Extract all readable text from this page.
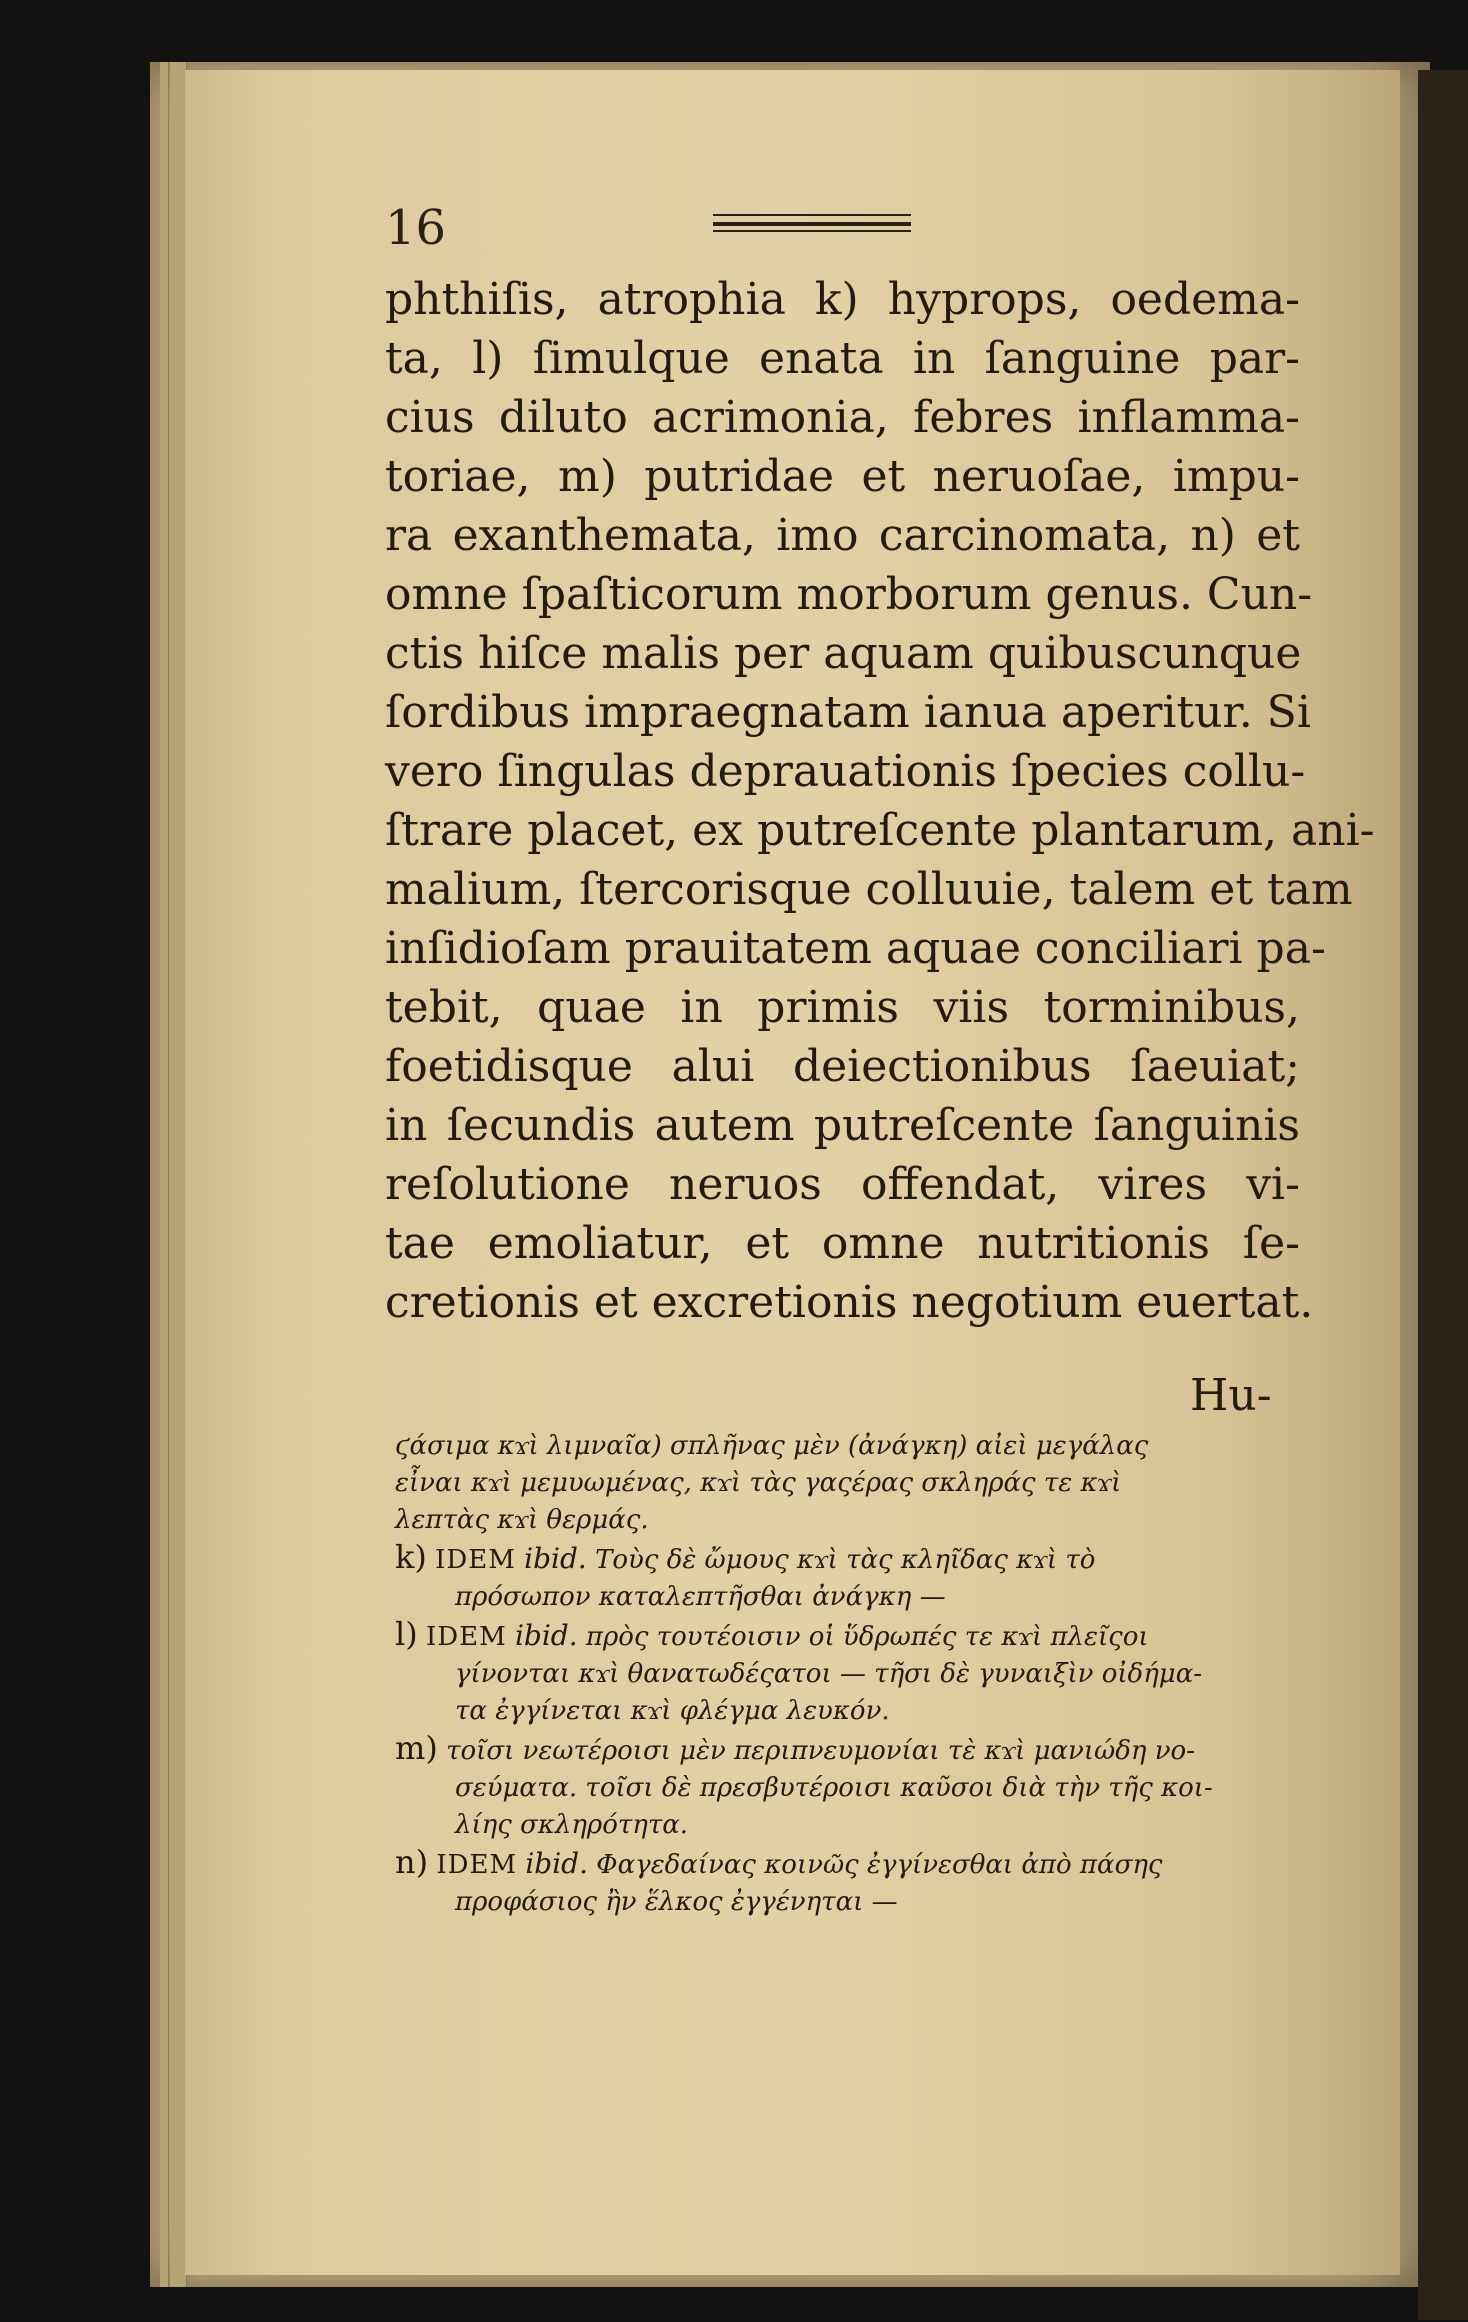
16
phthiſis, atrophia k) hyprops, oedema-
ta, l) ſimulque enata in ſanguine par-
cius diluto acrimonia, febres inflamma-
toriae, m) putridae et neruoſae, impu-
ra exanthemata, imo carcinomata, n) et
omne ſpaſticorum morborum genus. Cun-
ctis hiſce malis per aquam quibuscunque
ſordibus impraegnatam ianua aperitur. Si
vero ſingulas deprauationis ſpecies collu-
ſtrare placet, ex putreſcente plantarum, ani-
malium, ſtercorisque colluuie, talem et tam
inſidioſam prauitatem aquae conciliari pa-
tebit, quae in primis viis torminibus,
foetidisque alui deiectionibus ſaeuiat;
in ſecundis autem putreſcente ſanguinis
reſolutione neruos offendat, vires vi-
tae emoliatur, et omne nutritionis ſe-
cretionis et excretionis negotium euertat.
Hu-
ϛάσιμα κϫὶ λιμναῖα) σπλῆνας μὲν (ἀνάγκη) αἰεὶ μεγάλας
εἶναι κϫὶ μεμυωμένας, κϫὶ τὰς γαςέρας σκληράς τε κϫὶ
λεπτὰς κϫὶ θερμάς.
k) IDEM ibid. Τοὺς δὲ ὤμους κϫὶ τὰς κληῖδας κϫὶ τὸ
πρόσωπον καταλεπτῆσθαι ἀνάγκη —
l) IDEM ibid. πρὸς τουτέοισιν οἱ ὕδρωπές τε κϫὶ πλεῖςοι
γίνονται κϫὶ θανατωδέςατοι — τῆσι δὲ γυναιξὶν οἰδήμα-
τα ἐγγίνεται κϫὶ φλέγμα λευκόν.
m) τοῖσι νεωτέροισι μὲν περιπνευμονίαι τὲ κϫὶ μανιώδη νο-
σεύματα. τοῖσι δὲ πρεσβυτέροισι καῦσοι διὰ τὴν τῆς κοι-
λίης σκληρότητα.
n) IDEM ibid. Φαγεδαίνας κοινῶς ἐγγίνεσθαι ἀπὸ πάσης
προφάσιος ἢν ἕλκος ἐγγένηται —
